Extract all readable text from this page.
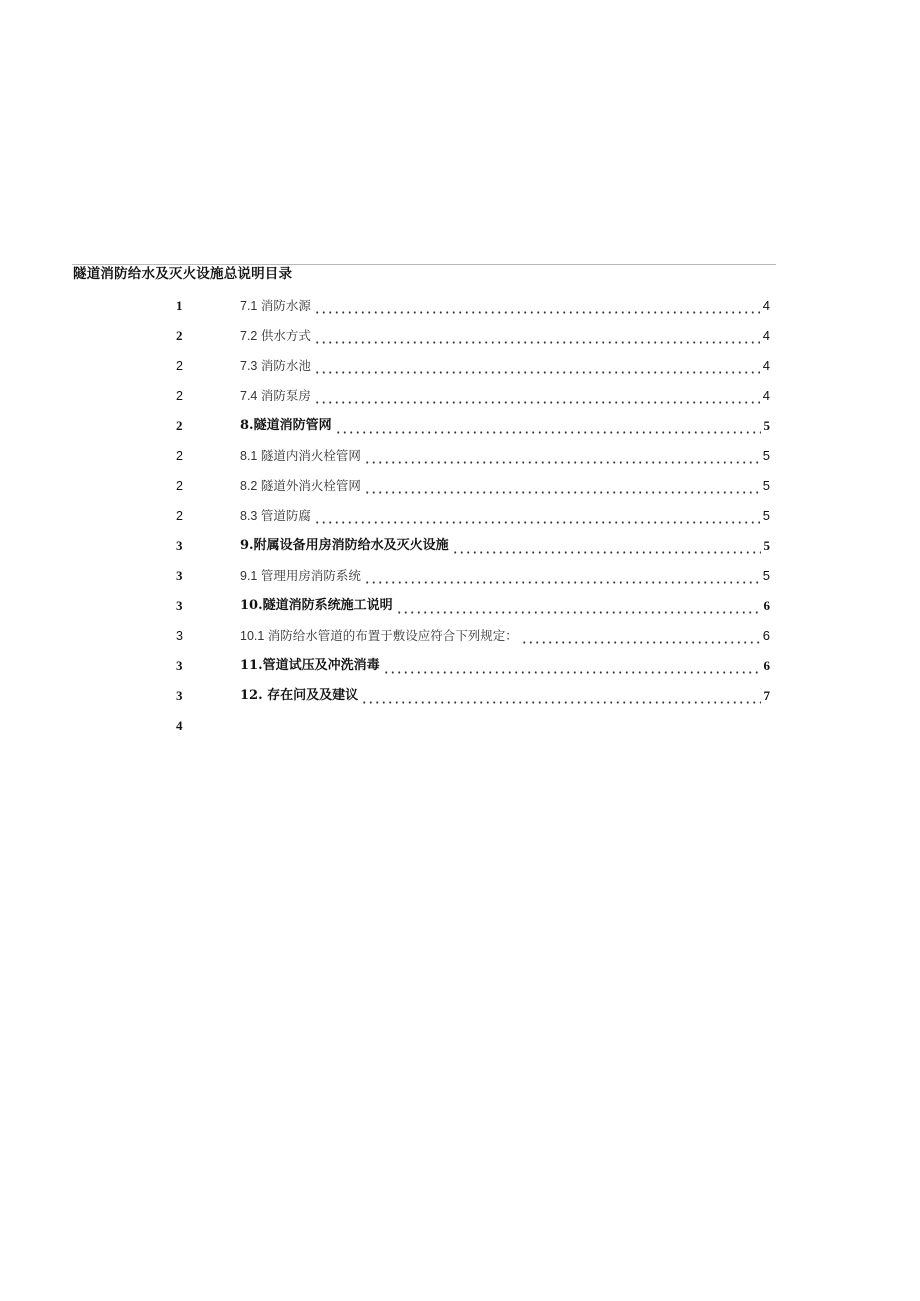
隧道消防给水及灭火设施总说明目录
1	7.1 消防水源	4
2	7.2 供水方式	4
2	7.3 消防水池	4
2	7.4 消防泵房	4
2	8.隧道消防管网	5
2	8.1 隧道内消火栓管网	5
2	8.2 隧道外消火栓管网	5
2	8.3 管道防腐	5
3	9.附属设备用房消防给水及灭火设施	5
3	9.1 管理用房消防系统	5
3	10.隧道消防系统施工说明	6
3	10.1 消防给水管道的布置于敷设应符合下列规定：	6
3	11.管道试压及冲洗消毒	6
3	12. 存在问及及建议	7
4
